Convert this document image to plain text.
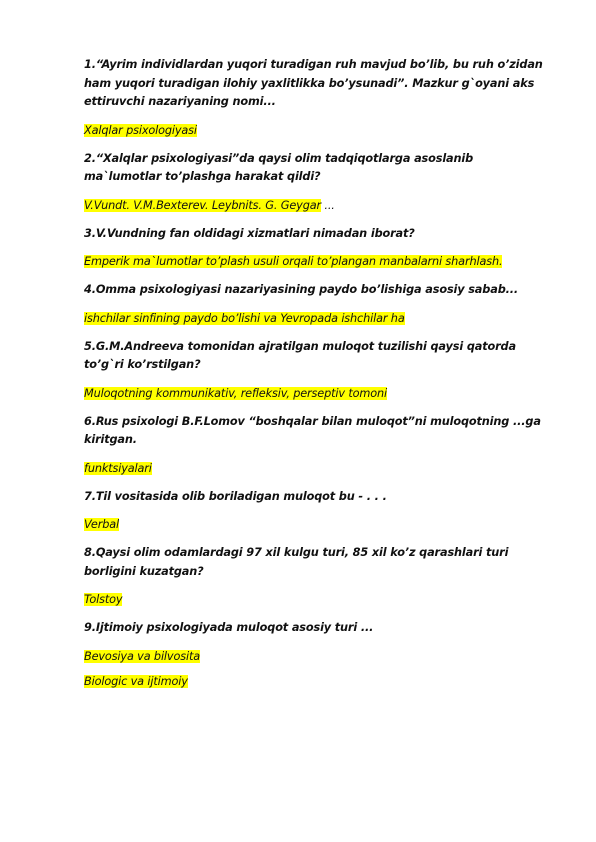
1.“Ayrim individlardan yuqori turadigan ruh mavjud bo’lib, bu ruh o’zidan ham yuqori turadigan ilohiy yaxlitlikka bo’ysunadi”. Mazkur g`oyani aks ettiruvchi nazariyaning nomi...

Xalqlar psixologiyasi

2.“Xalqlar psixologiyasi”da qaysi olim tadqiqotlarga asoslanib ma`lumotlar to’plashga harakat qildi?

V.Vundt. V.M.Bexterev. Leybnits. G. Geygar ...

3.V.Vundning fan oldidagi xizmatlari nimadan iborat?

Emperik ma`lumotlar to’plash usuli orqali to’plangan manbalarni sharhlash.

4.Omma psixologiyasi nazariyasining paydo bo’lishiga asosiy sabab...

ishchilar sinfining paydo bo’lishi va Yevropada ishchilar ha

5.G.M.Andreeva tomonidan ajratilgan muloqot tuzilishi qaysi qatorda to’g`ri ko’rstilgan?

Muloqotning kommunikativ, refleksiv, perseptiv tomoni

6.Rus psixologi B.F.Lomov “boshqalar bilan muloqot”ni muloqotning ...ga kiritgan.

funktsiyalari

7.Til vositasida olib boriladigan muloqot bu - . . .

Verbal

8.Qaysi olim odamlardagi 97 xil kulgu turi, 85 xil ko’z qarashlari turi borligini kuzatgan?

Tolstoy

9.Ijtimoiy psixologiyada muloqot asosiy turi ...

Bevosiya va bilvosita

Biologic va ijtimoiy
